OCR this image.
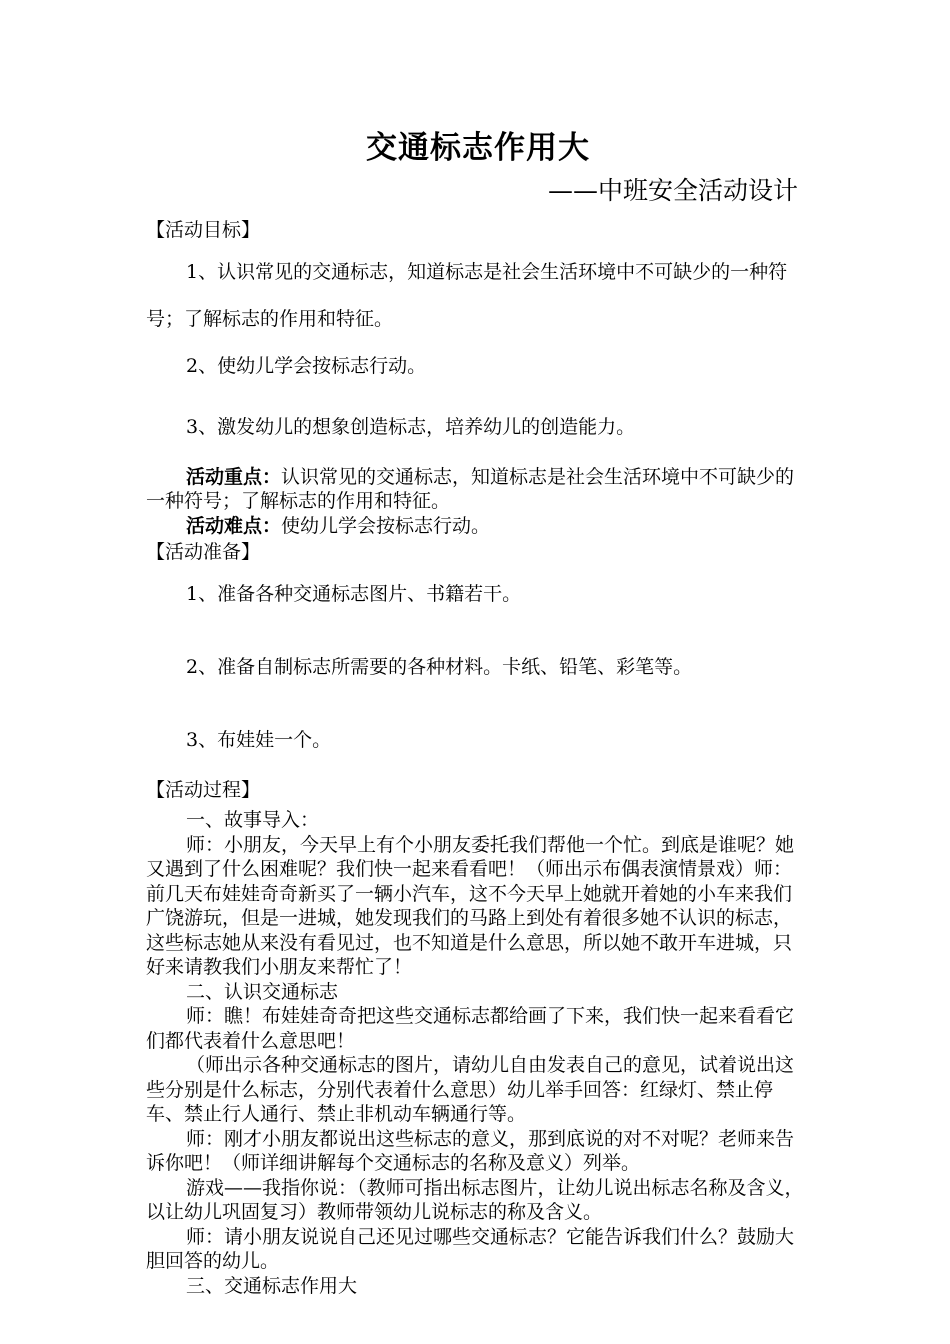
交通标志作用大
——中班安全活动设计
【活动目标】

1、认识常见的交通标志，知道标志是社会生活环境中不可缺少的一种符号；了解标志的作用和特征。

2、使幼儿学会按标志行动。

3、激发幼儿的想象创造标志，培养幼儿的创造能力。

活动重点：认识常见的交通标志，知道标志是社会生活环境中不可缺少的一种符号；了解标志的作用和特征。

活动难点：使幼儿学会按标志行动。

【活动准备】

1、准备各种交通标志图片、书籍若干。

2、准备自制标志所需要的各种材料。卡纸、铅笔、彩笔等。

3、布娃娃一个。

【活动过程】

一、故事导入：

师：小朋友，今天早上有个小朋友委托我们帮他一个忙。到底是谁呢？她又遇到了什么困难呢？我们快一起来看看吧！（师出示布偶表演情景戏）师：前几天布娃娃奇奇新买了一辆小汽车，这不今天早上她就开着她的小车来我们广饶游玩，但是一进城，她发现我们的马路上到处有着很多她不认识的标志，这些标志她从来没有看见过，也不知道是什么意思，所以她不敢开车进城，只好来请教我们小朋友来帮忙了！

二、认识交通标志

师：瞧！布娃娃奇奇把这些交通标志都给画了下来，我们快一起来看看它们都代表着什么意思吧！

（师出示各种交通标志的图片，请幼儿自由发表自己的意见，试着说出这些分别是什么标志，分别代表着什么意思）幼儿举手回答：红绿灯、禁止停车、禁止行人通行、禁止非机动车辆通行等。

师：刚才小朋友都说出这些标志的意义，那到底说的对不对呢？老师来告诉你吧！（师详细讲解每个交通标志的名称及意义）列举。

游戏——我指你说：（教师可指出标志图片，让幼儿说出标志名称及含义，以让幼儿巩固复习）教师带领幼儿说标志的称及含义。

师：请小朋友说说自己还见过哪些交通标志？它能告诉我们什么？鼓励大胆回答的幼儿。

三、交通标志作用大
